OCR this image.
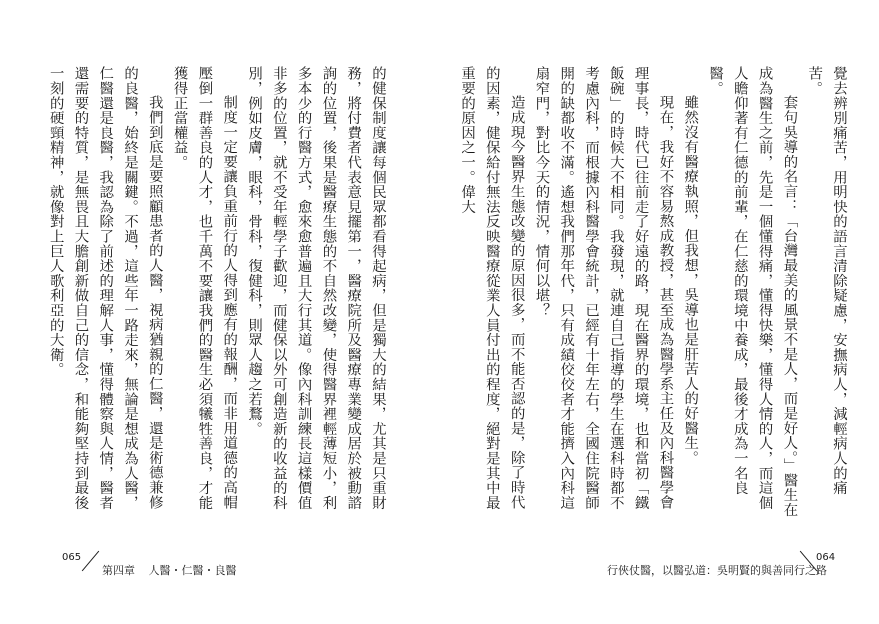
的健保制度讓每個民眾都看得起病，但是獨大的結果，尤其是只重財務，將付費者代表意見擺第一，醫療院所及醫療專業變成居於被動諮詢的位置，後果是醫療生態的不自然改變，使得醫界裡輕薄短小，利多本少的行醫方式，愈來愈普遍且大行其道。像內科訓練長這樣價值非多的位置，就不受年輕學子歡迎，而健保以外可創造新的收益的科別，例如皮膚，眼科，骨科，復健科，則眾人趨之若鶩。

制度一定要讓負重前行的人得到應有的報酬，而非用道德的高帽壓倒一群善良的人才，也千萬不要讓我們的醫生必須犧牲善良，才能獲得正當權益。

我們到底是要照顧患者的人醫，視病猶親的仁醫，還是術德兼修的良醫，始終是關鍵。不過，這些年一路走來，無論是想成為人醫，仁醫還是良醫，我認為除了前述的理解人事，懂得體察與人情，醫者還需要的特質，是無畏且大膽創新做自己的信念，和能夠堅持到最後一刻的硬頸精神，就像對上巨人歌利亞的大衛。

065
第四章 人醫・仁醫・良醫

覺去辨別痛苦，用明快的語言清除疑慮，安撫病人，減輕病人的痛苦。

套句吳導的名言：「台灣最美的風景不是人，而是好人。」醫生在成為醫生之前，先是一個懂得痛，懂得快樂，懂得人情的人，而這個人瞻仰著有仁德的前輩，在仁慈的環境中養成，最後才成為一名良醫。

雖然沒有醫療執照，但我想，吳導也是肝苦人的好醫生。

現在，我好不容易熬成教授，甚至成為醫學系主任及內科醫學會理事長，時代已往前走了好遠的路，現在醫界的環境，也和當初「鐵飯碗」的時候大不相同。我發現，就連自己指導的學生在選科時都不考慮內科，而根據內科醫學會統計，已經有十年左右，全國住院醫師開的缺都收不滿。遙想我們那年代，只有成績佼佼者才能擠入內科這扇窄門，對比今天的情況，情何以堪？

造成現今醫界生態改變的原因很多，而不能否認的是，除了時代的因素，健保給付無法反映醫療從業人員付出的程度，絕對是其中最重要的原因之一。偉大

行俠仗醫，以醫弘道：吳明賢的與善同行之路
064
